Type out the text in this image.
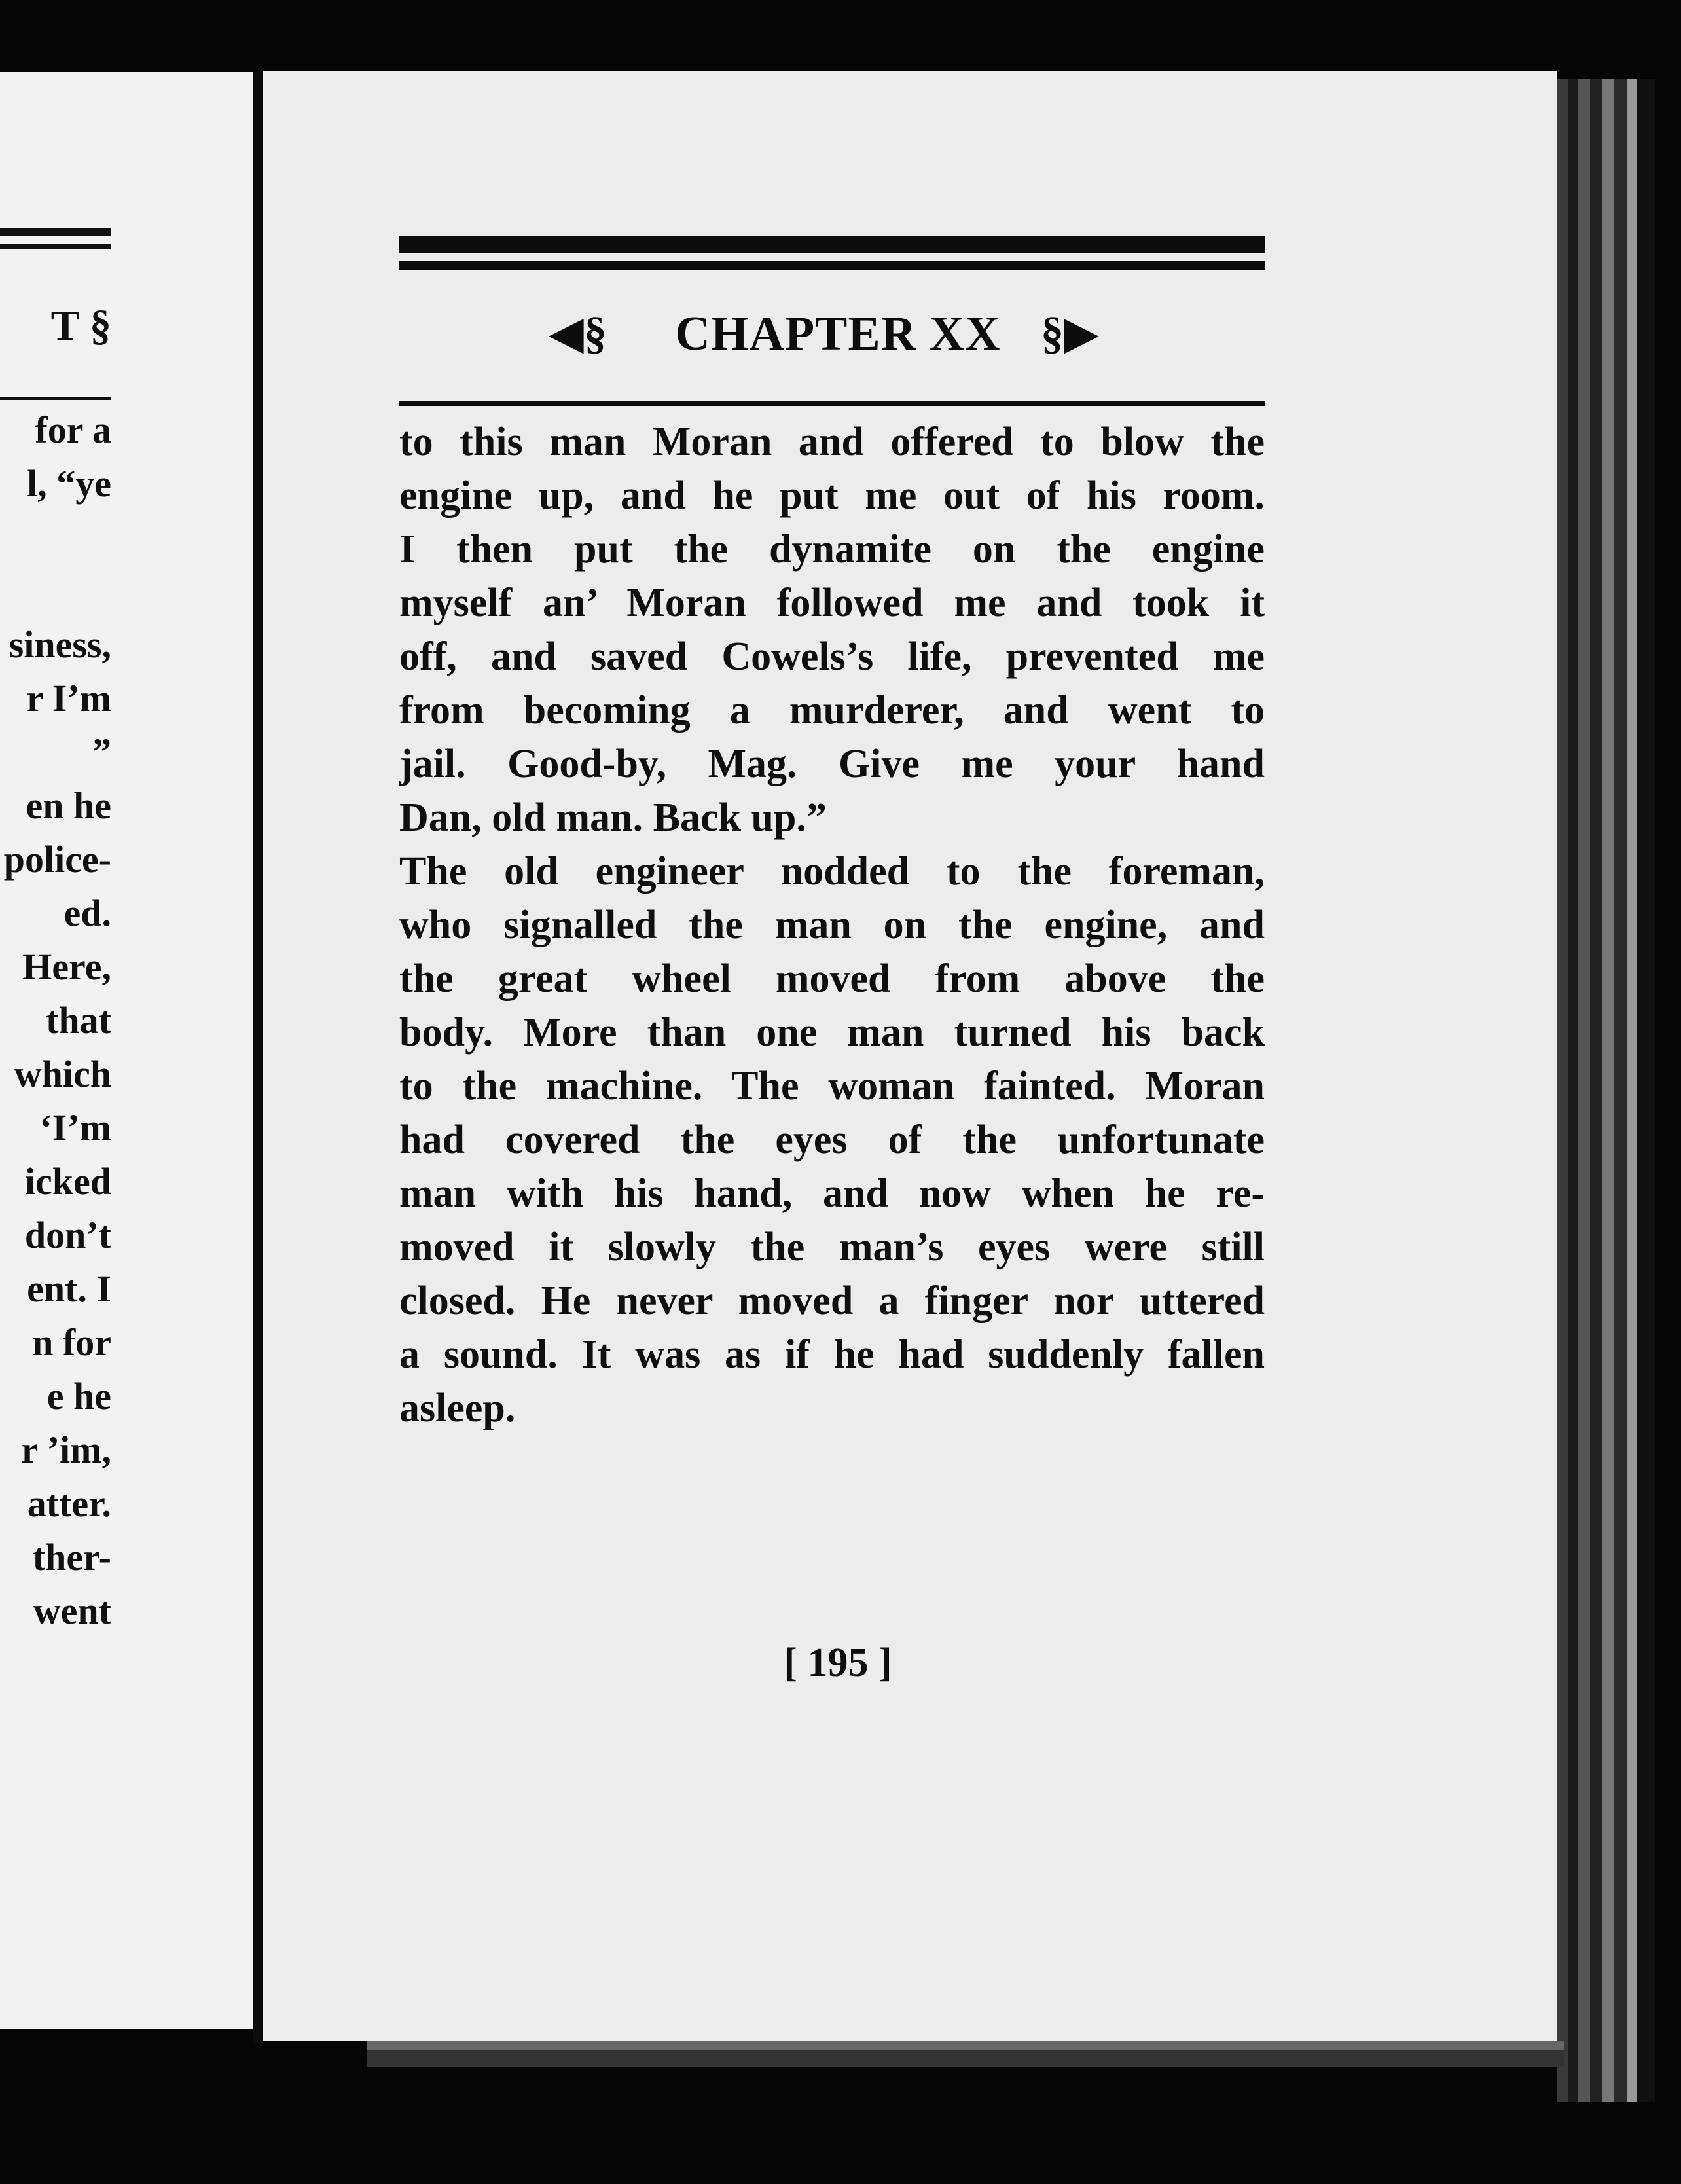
T §
for a
l, “ye
siness,
r I’m
”
en he
police-
ed.
Here,
that
which
‘I’m
icked
don’t
ent. I
n for
e he
r ’im,
atter.
ther-
went
◀§	CHAPTER XX §▶
to this man Moran and offered to blow the
engine up, and he put me out of his room.
I then put the dynamite on the engine
myself an’ Moran followed me and took it
off, and saved Cowels’s life, prevented me
from becoming a murderer, and went to
jail. Good-by, Mag. Give me your hand
Dan, old man. Back up.”
The old engineer nodded to the foreman,
who signalled the man on the engine, and
the great wheel moved from above the
body. More than one man turned his back
to the machine. The woman fainted. Moran
had covered the eyes of the unfortunate
man with his hand, and now when he re-
moved it slowly the man’s eyes were still
closed. He never moved a finger nor uttered
a sound. It was as if he had suddenly fallen
asleep.
[ 195 ]
